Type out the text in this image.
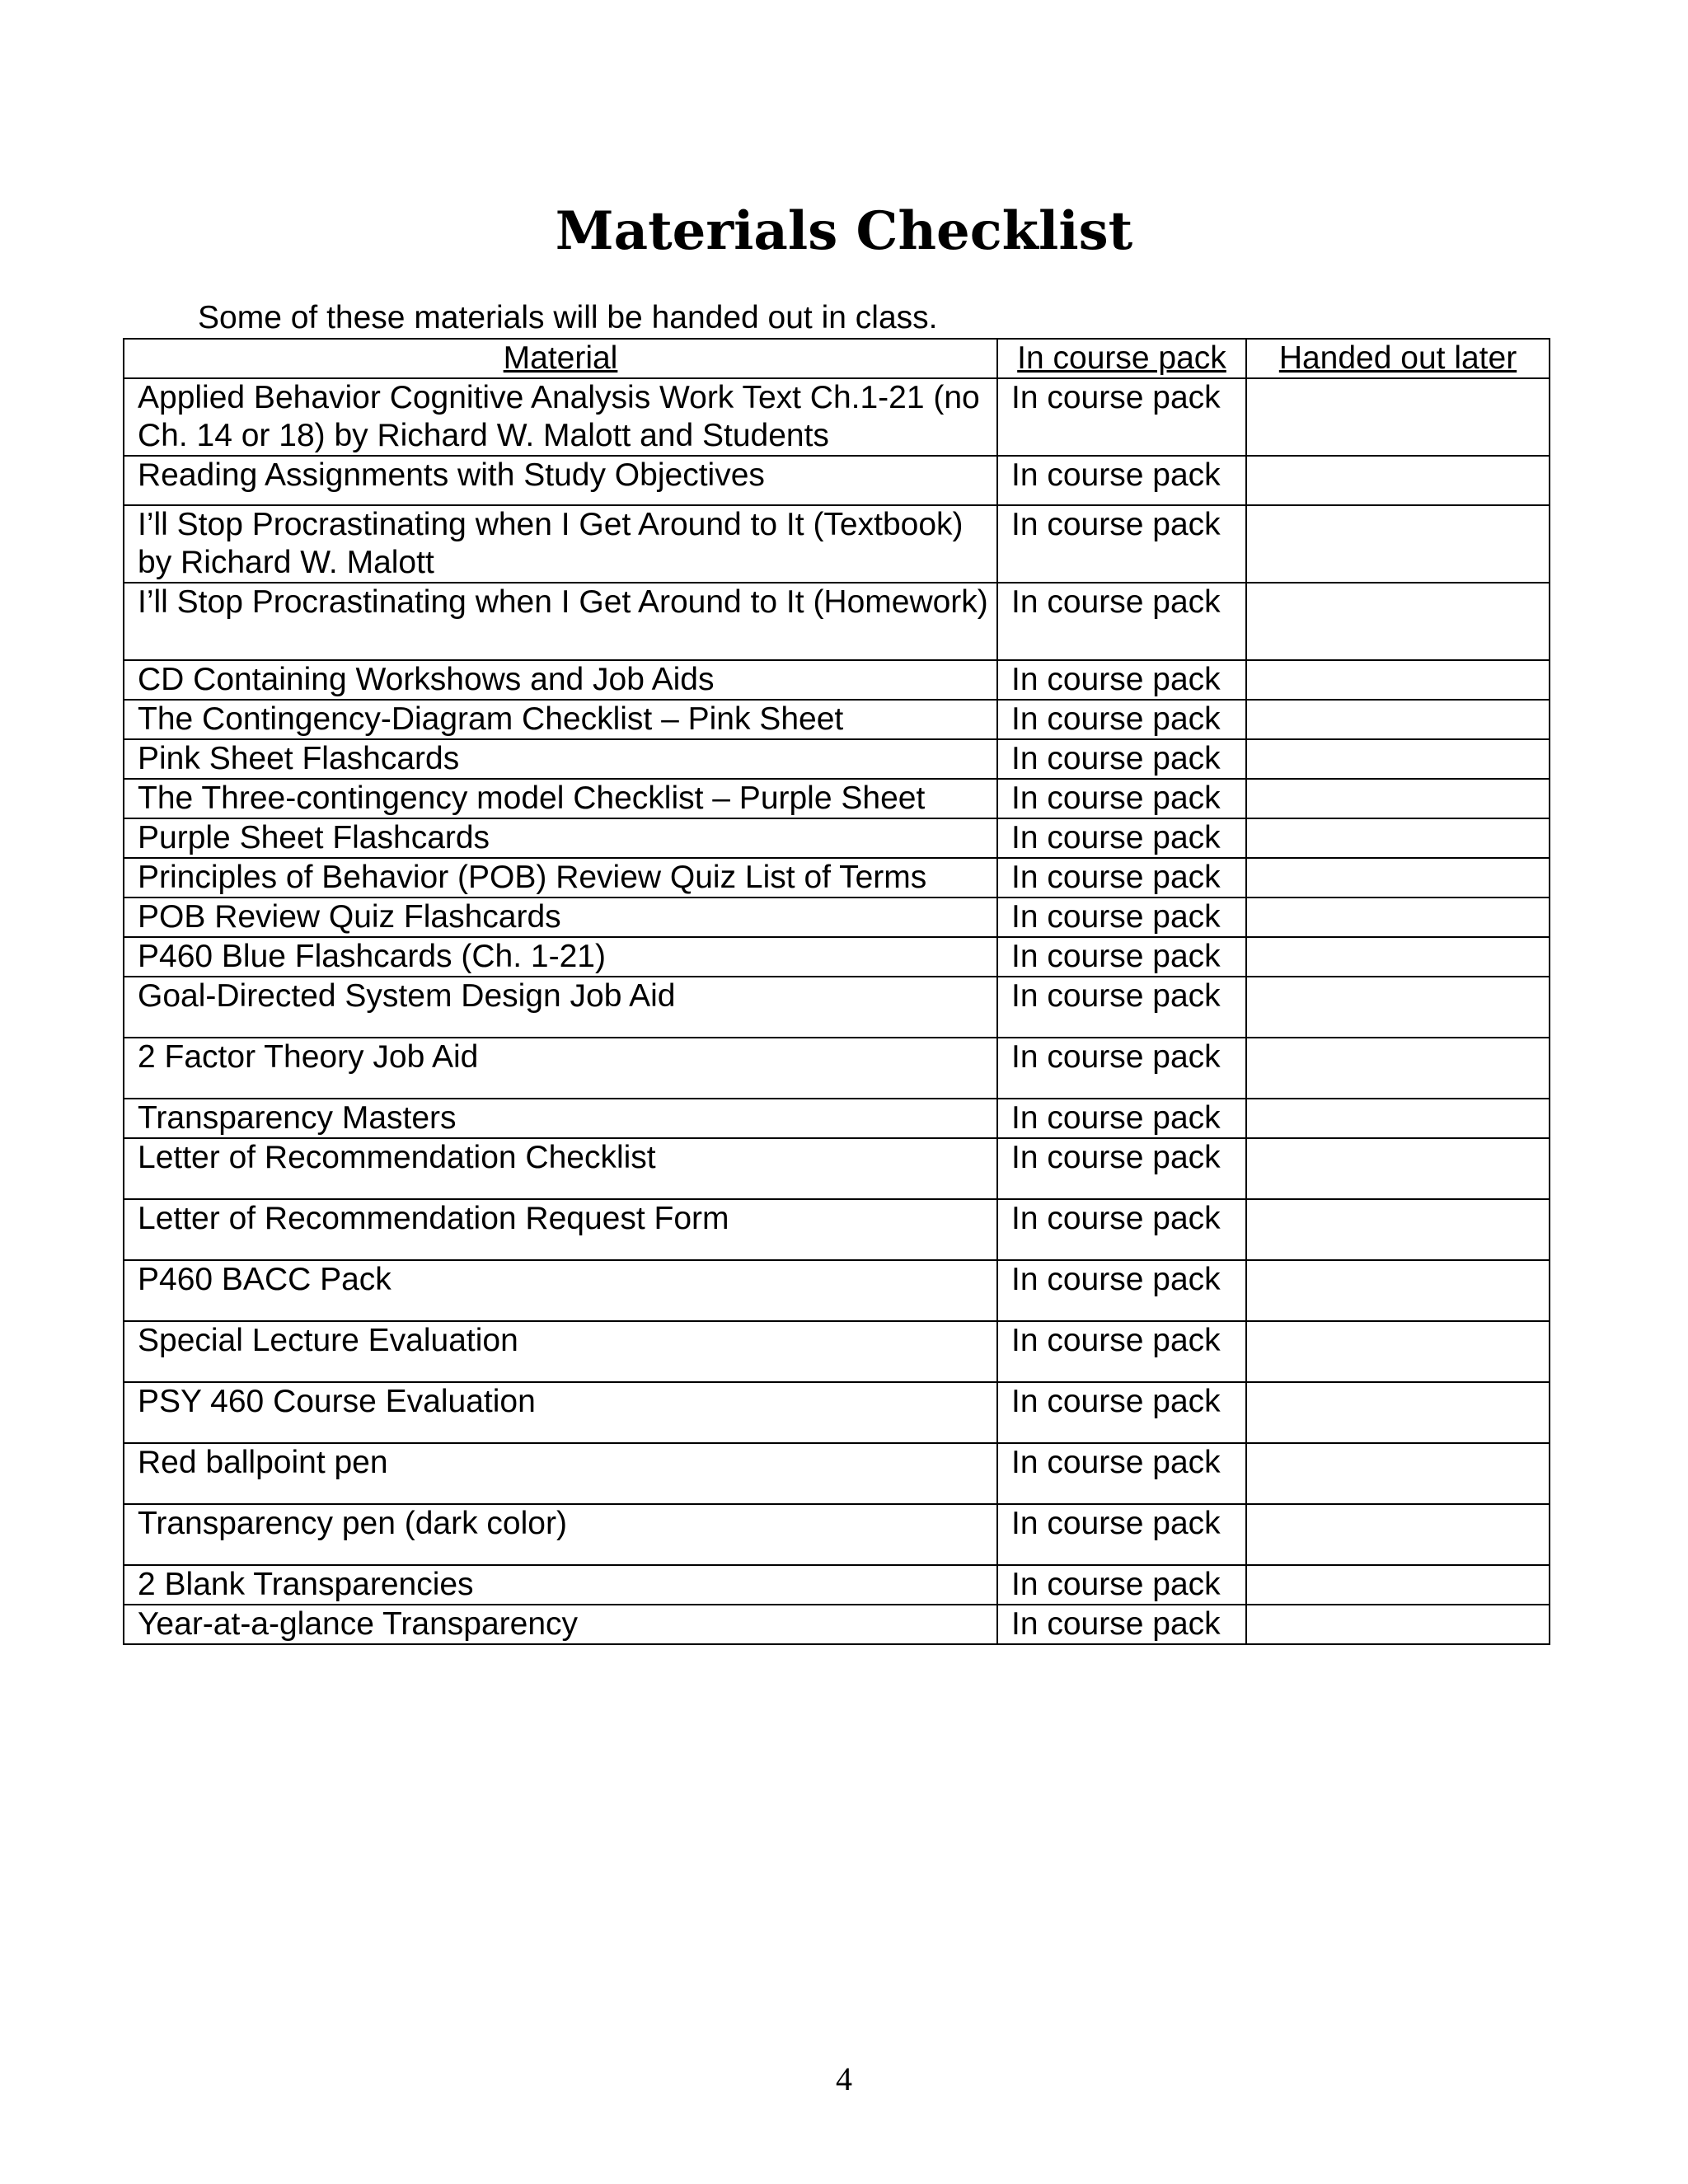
Materials Checklist
Some of these materials will be handed out in class.
Material	In course pack	Handed out later
Applied Behavior Cognitive Analysis Work Text Ch.1-21 (no Ch. 14 or 18) by Richard W. Malott and Students	In course pack	
Reading Assignments with Study Objectives	In course pack	
I’ll Stop Procrastinating when I Get Around to It (Textbook) by Richard W. Malott	In course pack	
I’ll Stop Procrastinating when I Get Around to It (Homework)	In course pack	
CD Containing Workshows and Job Aids	In course pack	
The Contingency-Diagram Checklist – Pink Sheet	In course pack	
Pink Sheet Flashcards	In course pack	
The Three-contingency model Checklist – Purple Sheet	In course pack	
Purple Sheet Flashcards	In course pack	
Principles of Behavior (POB) Review Quiz List of Terms	In course pack	
POB Review Quiz Flashcards	In course pack	
P460 Blue Flashcards (Ch. 1-21)	In course pack	
Goal-Directed System Design Job Aid	In course pack	
2 Factor Theory Job Aid	In course pack	
Transparency Masters	In course pack	
Letter of Recommendation Checklist	In course pack	
Letter of Recommendation Request Form	In course pack	
P460 BACC Pack	In course pack	
Special Lecture Evaluation	In course pack	
PSY 460 Course Evaluation	In course pack	
Red ballpoint pen	In course pack	
Transparency pen (dark color)	In course pack	
2 Blank Transparencies	In course pack	
Year-at-a-glance Transparency	In course pack	
4
